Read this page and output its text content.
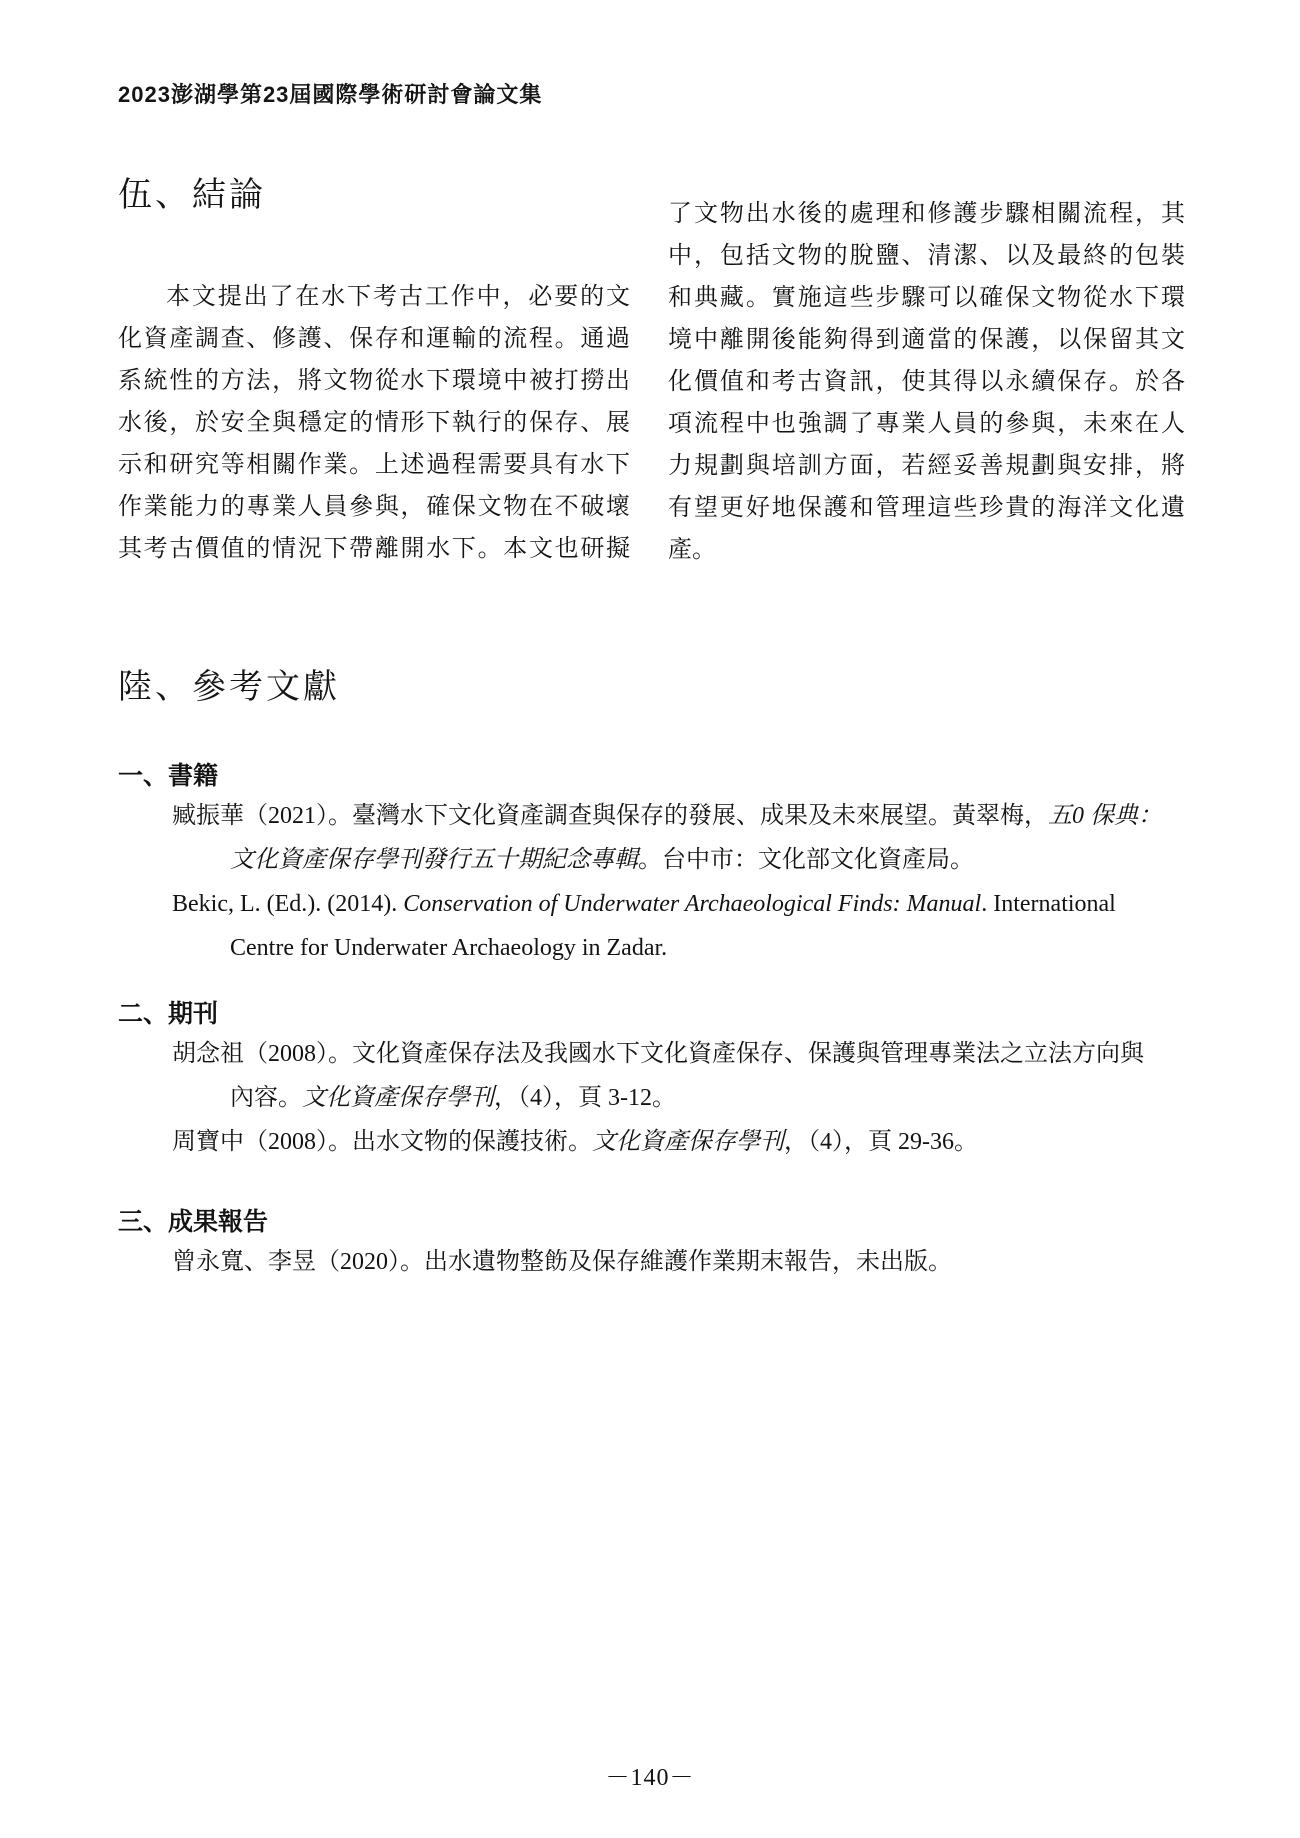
2023澎湖學第23屆國際學術研討會論文集
伍、結論
本文提出了在水下考古工作中，必要的文
化資產調查、修護、保存和運輸的流程。通過
系統性的方法，將文物從水下環境中被打撈出
水後，於安全與穩定的情形下執行的保存、展
示和研究等相關作業。上述過程需要具有水下
作業能力的專業人員參與，確保文物在不破壞
其考古價值的情況下帶離開水下。本文也研擬
了文物出水後的處理和修護步驟相關流程，其
中，包括文物的脫鹽、清潔、以及最終的包裝
和典藏。實施這些步驟可以確保文物從水下環
境中離開後能夠得到適當的保護，以保留其文
化價值和考古資訊，使其得以永續保存。於各
項流程中也強調了專業人員的參與，未來在人
力規劃與培訓方面，若經妥善規劃與安排，將
有望更好地保護和管理這些珍貴的海洋文化遺
產。
陸、參考文獻
一、書籍
臧振華（2021）。臺灣水下文化資產調查與保存的發展、成果及未來展望。黃翠梅，五0 保典：
文化資產保存學刊發行五十期紀念專輯。台中市：文化部文化資產局。
Bekic, L. (Ed.). (2014). Conservation of Underwater Archaeological Finds: Manual. International
Centre for Underwater Archaeology in Zadar.
二、期刊
胡念祖（2008）。文化資產保存法及我國水下文化資產保存、保護與管理專業法之立法方向與
內容。文化資產保存學刊，（4），頁 3-12。
周寶中（2008）。出水文物的保護技術。文化資產保存學刊，（4），頁 29-36。
三、成果報告
曾永寬、李昱（2020）。出水遺物整飭及保存維護作業期末報告，未出版。
－140－
